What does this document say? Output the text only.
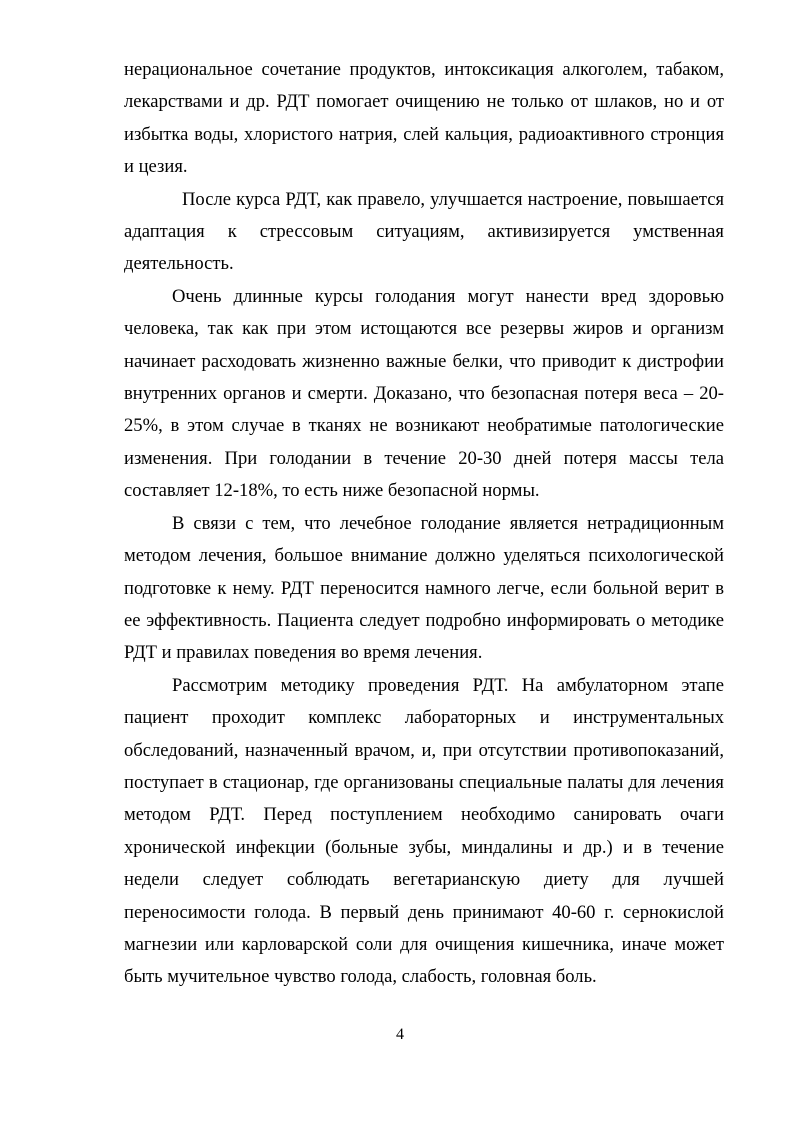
нерациональное сочетание продуктов, интоксикация алкоголем, табаком, лекарствами и др. РДТ помогает очищению не только от шлаков, но и от избытка воды, хлористого натрия, слей кальция, радиоактивного стронция и цезия.

После курса РДТ, как правело, улучшается настроение, повышается адаптация к стрессовым ситуациям, активизируется умственная деятельность.

Очень длинные курсы голодания могут нанести вред здоровью человека, так как при этом истощаются все резервы жиров и организм начинает расходовать жизненно важные белки, что приводит к дистрофии внутренних органов и смерти. Доказано, что безопасная потеря веса – 20-25%, в этом случае в тканях не возникают необратимые патологические изменения. При голодании в течение 20-30 дней потеря массы тела составляет 12-18%, то есть ниже безопасной нормы.

В связи с тем, что лечебное голодание является нетрадиционным методом лечения, большое внимание должно уделяться психологической подготовке к нему. РДТ переносится намного легче, если больной верит в ее эффективность. Пациента следует подробно информировать о методике РДТ и правилах поведения во время лечения.

Рассмотрим методику проведения РДТ. На амбулаторном этапе пациент проходит комплекс лабораторных и инструментальных обследований, назначенный врачом, и, при отсутствии противопоказаний, поступает в стационар, где организованы специальные палаты для лечения методом РДТ. Перед поступлением необходимо санировать очаги хронической инфекции (больные зубы, миндалины и др.) и в течение недели следует соблюдать вегетарианскую диету для лучшей переносимости голода. В первый день принимают 40-60 г. сернокислой магнезии или карловарской соли для очищения кишечника, иначе может быть мучительное чувство голода, слабость, головная боль.

4
